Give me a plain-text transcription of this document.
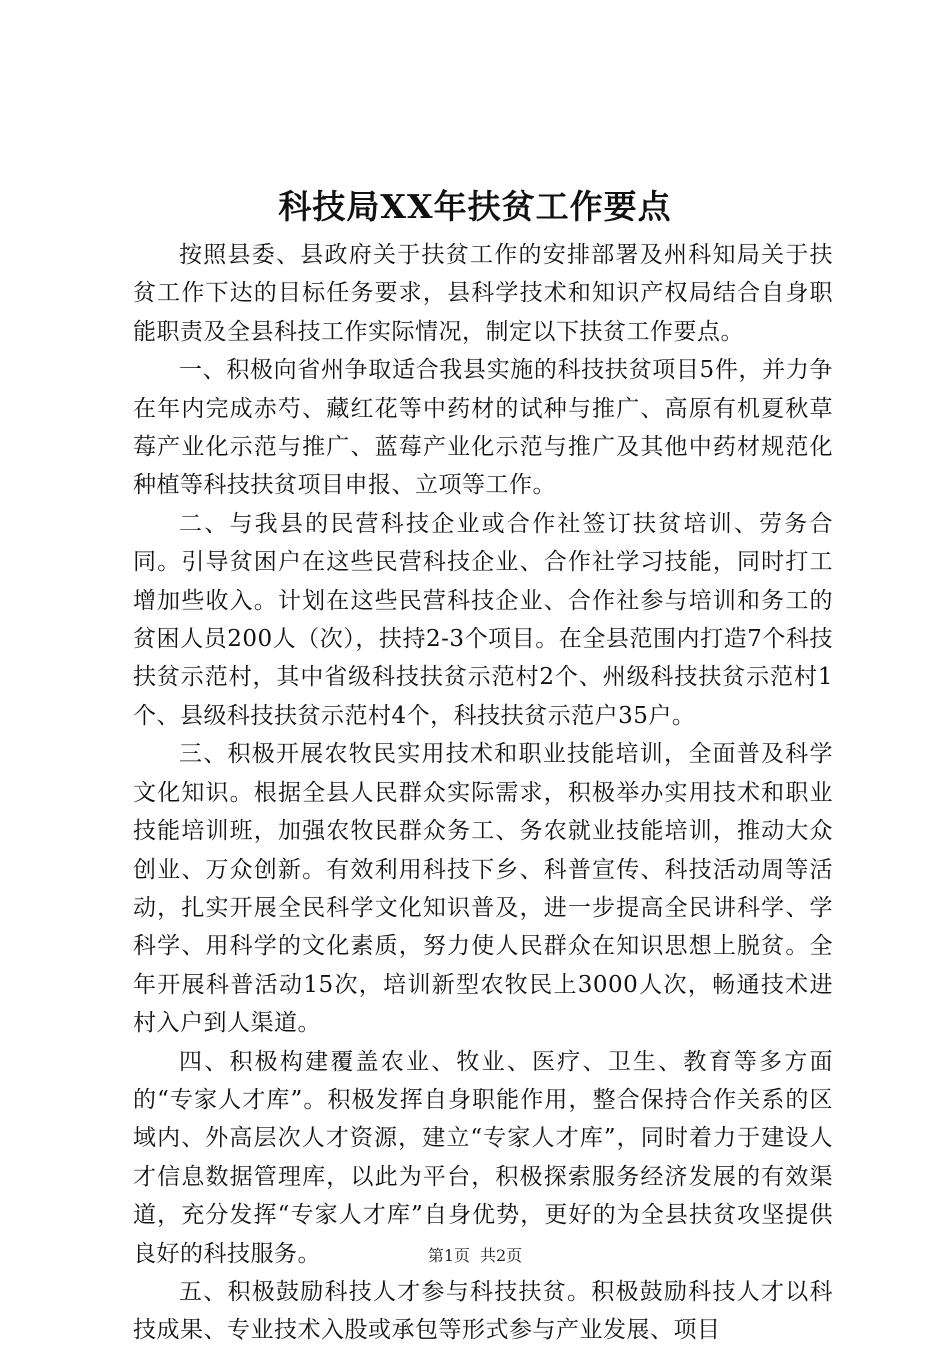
科技局XX年扶贫工作要点

按照县委、县政府关于扶贫工作的安排部署及州科知局关于扶贫工作下达的目标任务要求，县科学技术和知识产权局结合自身职能职责及全县科技工作实际情况，制定以下扶贫工作要点。

一、积极向省州争取适合我县实施的科技扶贫项目5件，并力争在年内完成赤芍、藏红花等中药材的试种与推广、高原有机夏秋草莓产业化示范与推广、蓝莓产业化示范与推广及其他中药材规范化种植等科技扶贫项目申报、立项等工作。

二、与我县的民营科技企业或合作社签订扶贫培训、劳务合同。引导贫困户在这些民营科技企业、合作社学习技能，同时打工增加些收入。计划在这些民营科技企业、合作社参与培训和务工的贫困人员200人（次），扶持2-3个项目。在全县范围内打造7个科技扶贫示范村，其中省级科技扶贫示范村2个、州级科技扶贫示范村1个、县级科技扶贫示范村4个，科技扶贫示范户35户。

三、积极开展农牧民实用技术和职业技能培训，全面普及科学文化知识。根据全县人民群众实际需求，积极举办实用技术和职业技能培训班，加强农牧民群众务工、务农就业技能培训，推动大众创业、万众创新。有效利用科技下乡、科普宣传、科技活动周等活动，扎实开展全民科学文化知识普及，进一步提高全民讲科学、学科学、用科学的文化素质，努力使人民群众在知识思想上脱贫。全年开展科普活动15次，培训新型农牧民上3000人次，畅通技术进村入户到人渠道。

四、积极构建覆盖农业、牧业、医疗、卫生、教育等多方面的“专家人才库”。积极发挥自身职能作用，整合保持合作关系的区域内、外高层次人才资源，建立“专家人才库”，同时着力于建设人才信息数据管理库，以此为平台，积极探索服务经济发展的有效渠道，充分发挥“专家人才库”自身优势，更好的为全县扶贫攻坚提供良好的科技服务。

五、积极鼓励科技人才参与科技扶贫。积极鼓励科技人才以科技成果、专业技术入股或承包等形式参与产业发展、项目

第1页 共2页
